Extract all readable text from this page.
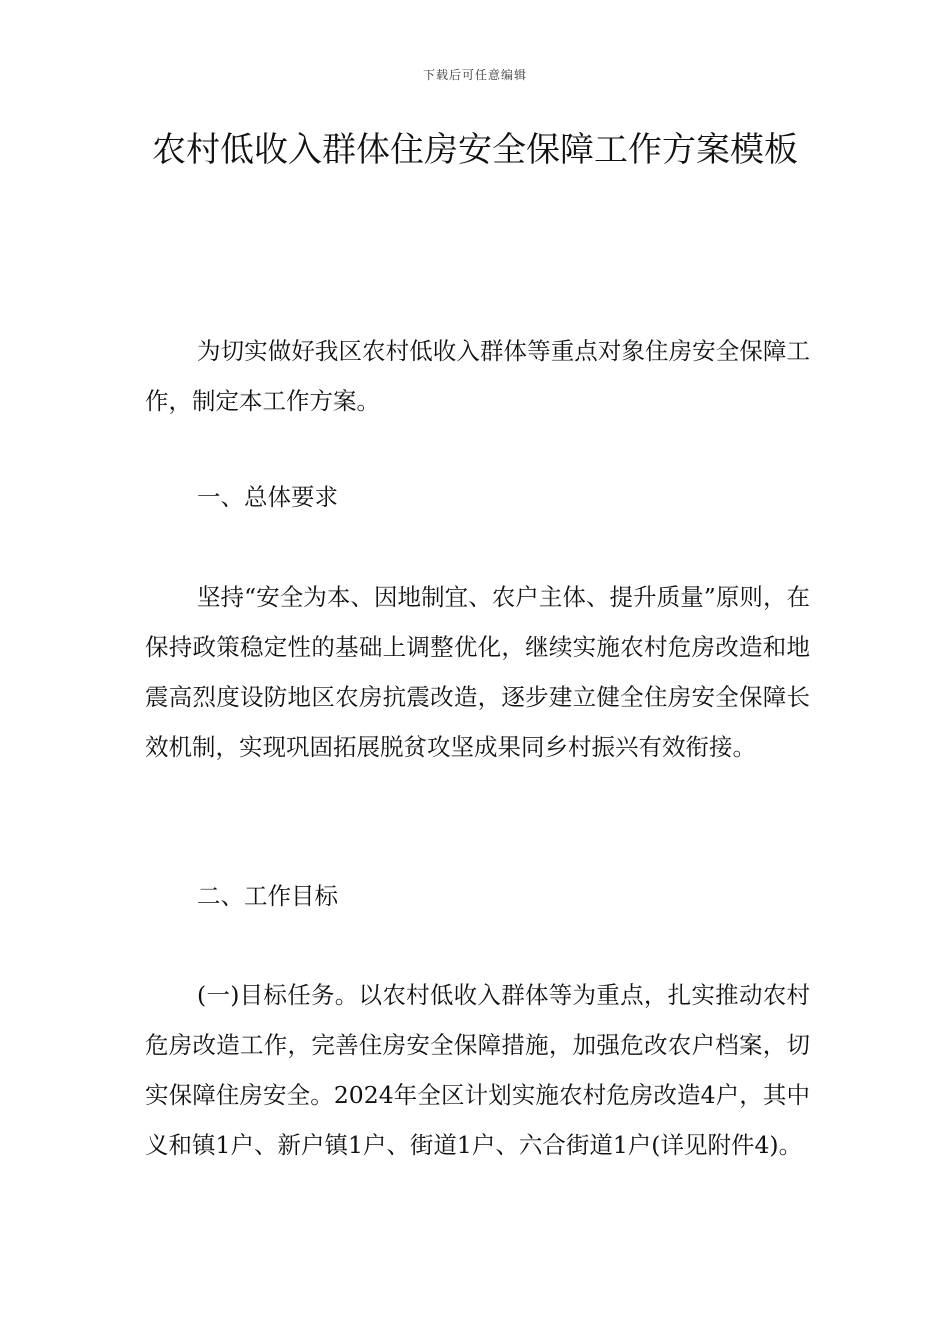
下载后可任意编辑
农村低收入群体住房安全保障工作方案模板

为切实做好我区农村低收入群体等重点对象住房安全保障工作，制定本工作方案。

一、总体要求

坚持“安全为本、因地制宜、农户主体、提升质量”原则，在保持政策稳定性的基础上调整优化，继续实施农村危房改造和地震高烈度设防地区农房抗震改造，逐步建立健全住房安全保障长效机制，实现巩固拓展脱贫攻坚成果同乡村振兴有效衔接。

二、工作目标

(一)目标任务。以农村低收入群体等为重点，扎实推动农村危房改造工作，完善住房安全保障措施，加强危改农户档案，切实保障住房安全。2024年全区计划实施农村危房改造4户，其中义和镇1户、新户镇1户、街道1户、六合街道1户(详见附件4)。
